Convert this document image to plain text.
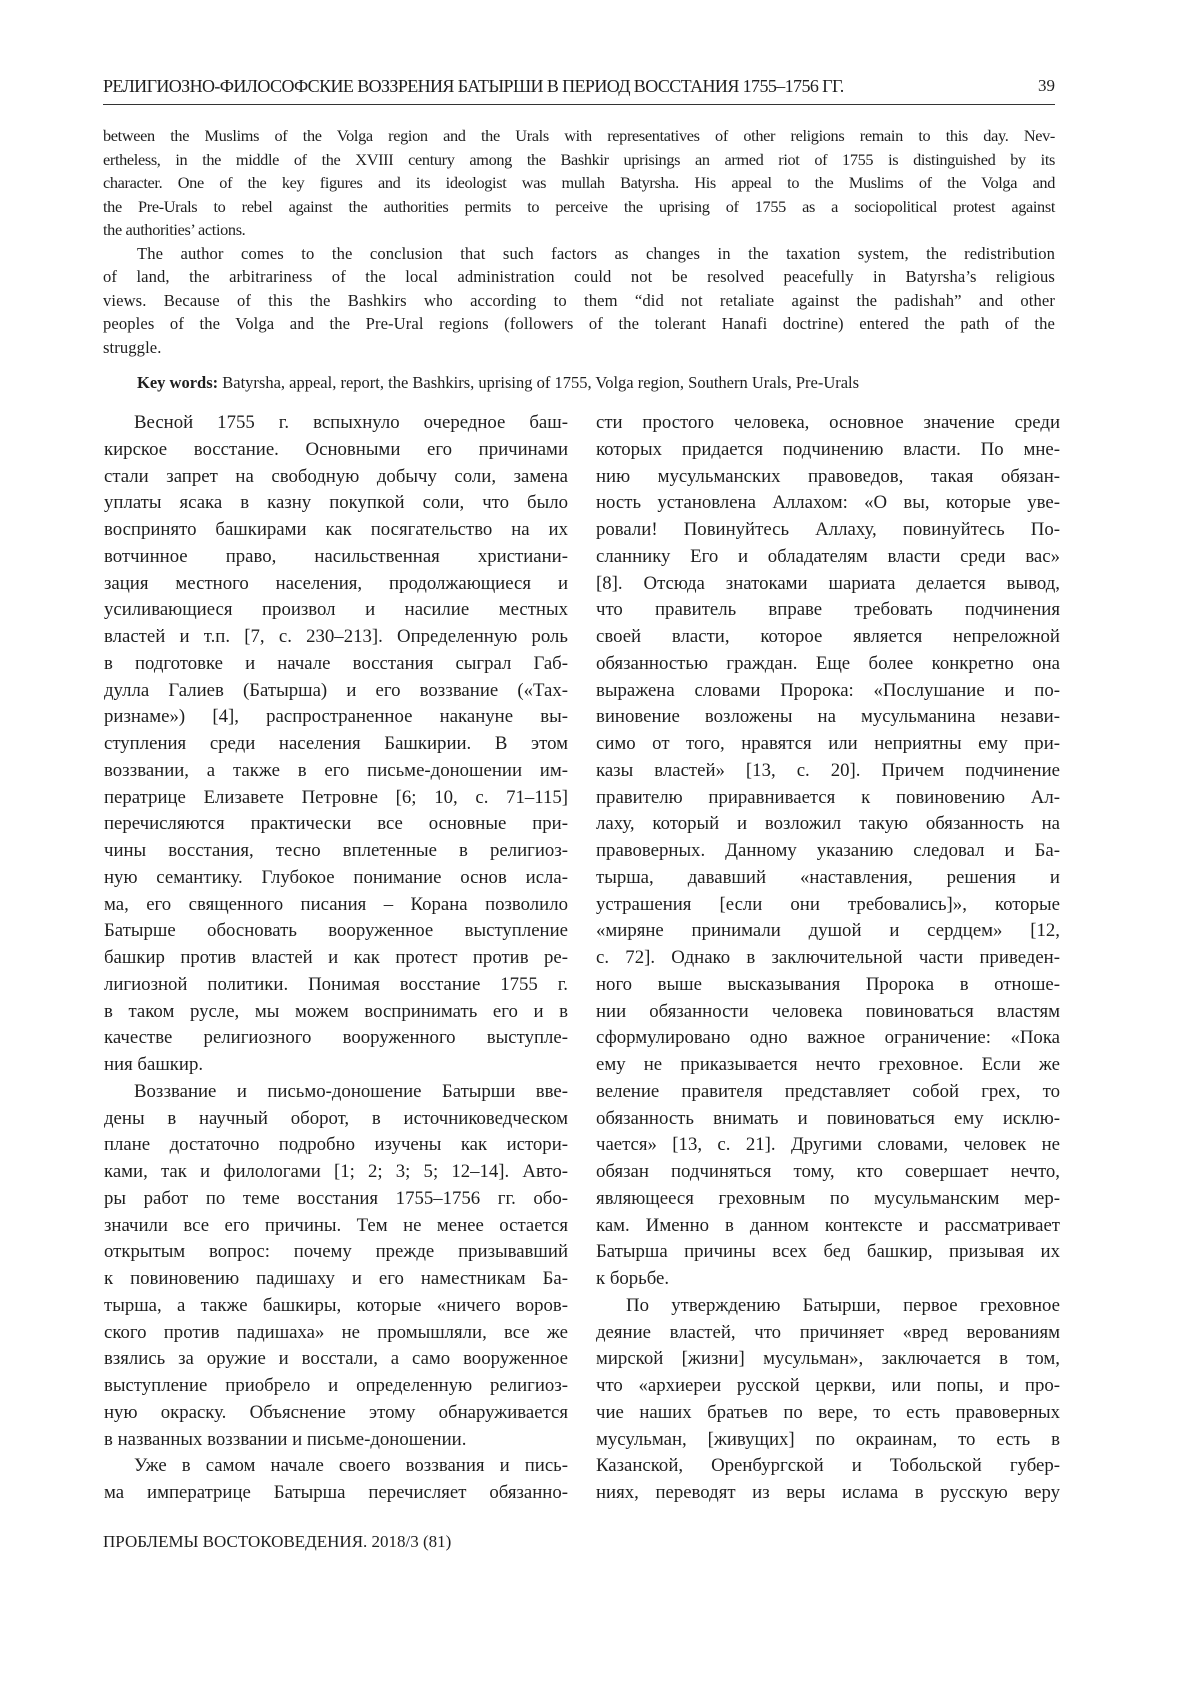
РЕЛИГИОЗНО-ФИЛОСОФСКИЕ ВОЗЗРЕНИЯ БАТЫРШИ В ПЕРИОД ВОССТАНИЯ 1755–1756 ГГ.	39
between the Muslims of the Volga region and the Urals with representatives of other religions remain to this day. Nev-
ertheless, in the middle of the XVIII century among the Bashkir uprisings an armed riot of 1755 is distinguished by its
character. One of the key figures and its ideologist was mullah Batyrsha. His appeal to the Muslims of the Volga and
the Pre-Urals to rebel against the authorities permits to perceive the uprising of 1755 as a sociopolitical protest against
the authorities’ actions.
The author comes to the conclusion that such factors as changes in the taxation system, the redistribution
of land, the arbitrariness of the local administration could not be resolved peacefully in Batyrsha’s religious
views. Because of this the Bashkirs who according to them “did not retaliate against the padishah” and other
peoples of the Volga and the Pre-Ural regions (followers of the tolerant Hanafi doctrine) entered the path of the
struggle.
Key words: Batyrsha, appeal, report, the Bashkirs, uprising of 1755, Volga region, Southern Urals, Pre-Urals
Весной 1755 г. вспыхнуло очередное баш-
кирское восстание. Основными его причинами
стали запрет на свободную добычу соли, замена
уплаты ясака в казну покупкой соли, что было
воспринято башкирами как посягательство на их
вотчинное право, насильственная христиани-
зация местного населения, продолжающиеся и
усиливающиеся произвол и насилие местных
властей и т.п. [7, с. 230–213]. Определенную роль
в подготовке и начале восстания сыграл Габ-
дулла Галиев (Батырша) и его воззвание («Тах-
ризнаме») [4], распространенное накануне вы-
ступления среди населения Башкирии. В этом
воззвании, а также в его письме-доношении им-
ператрице Елизавете Петровне [6; 10, с. 71–115]
перечисляются практически все основные при-
чины восстания, тесно вплетенные в религиоз-
ную семантику. Глубокое понимание основ исла-
ма, его священного писания – Корана позволило
Батырше обосновать вооруженное выступление
башкир против властей и как протест против ре-
лигиозной политики. Понимая восстание 1755 г.
в таком русле, мы можем воспринимать его и в
качестве религиозного вооруженного выступле-
ния башкир.
Воззвание и письмо-доношение Батырши вве-
дены в научный оборот, в источниковедческом
плане достаточно подробно изучены как истори-
ками, так и филологами [1; 2; 3; 5; 12–14]. Авто-
ры работ по теме восстания 1755–1756 гг. обо-
значили все его причины. Тем не менее остается
открытым вопрос: почему прежде призывавший
к повиновению падишаху и его наместникам Ба-
тырша, а также башкиры, которые «ничего воров-
ского против падишаха» не промышляли, все же
взялись за оружие и восстали, а само вооруженное
выступление приобрело и определенную религиоз-
ную окраску. Объяснение этому обнаруживается
в названных воззвании и письме-доношении.
Уже в самом начале своего воззвания и пись-
ма императрице Батырша перечисляет обязанно-
сти простого человека, основное значение среди
которых придается подчинению власти. По мне-
нию мусульманских правоведов, такая обязан-
ность установлена Аллахом: «О вы, которые уве-
ровали! Повинуйтесь Аллаху, повинуйтесь По-
сланнику Его и обладателям власти среди вас»
[8]. Отсюда знатоками шариата делается вывод,
что правитель вправе требовать подчинения
своей власти, которое является непреложной
обязанностью граждан. Еще более конкретно она
выражена словами Пророка: «Послушание и по-
виновение возложены на мусульманина незави-
симо от того, нравятся или неприятны ему при-
казы властей» [13, с. 20]. Причем подчинение
правителю приравнивается к повиновению Ал-
лаху, который и возложил такую обязанность на
правоверных. Данному указанию следовал и Ба-
тырша, дававший «наставления, решения и
устрашения [если они требовались]», которые
«миряне принимали душой и сердцем» [12,
с. 72]. Однако в заключительной части приведен-
ного выше высказывания Пророка в отноше-
нии обязанности человека повиноваться властям
сформулировано одно важное ограничение: «Пока
ему не приказывается нечто греховное. Если же
веление правителя представляет собой грех, то
обязанность внимать и повиноваться ему исклю-
чается» [13, с. 21]. Другими словами, человек не
обязан подчиняться тому, кто совершает нечто,
являющееся греховным по мусульманским мер-
кам. Именно в данном контексте и рассматривает
Батырша причины всех бед башкир, призывая их
к борьбе.
По утверждению Батырши, первое греховное
деяние властей, что причиняет «вред верованиям
мирской [жизни] мусульман», заключается в том,
что «архиереи русской церкви, или попы, и про-
чие наших братьев по вере, то есть правоверных
мусульман, [живущих] по окраинам, то есть в
Казанской, Оренбургской и Тобольской губер-
ниях, переводят из веры ислама в русскую веру
ПРОБЛЕМЫ ВОСТОКОВЕДЕНИЯ. 2018/3 (81)
